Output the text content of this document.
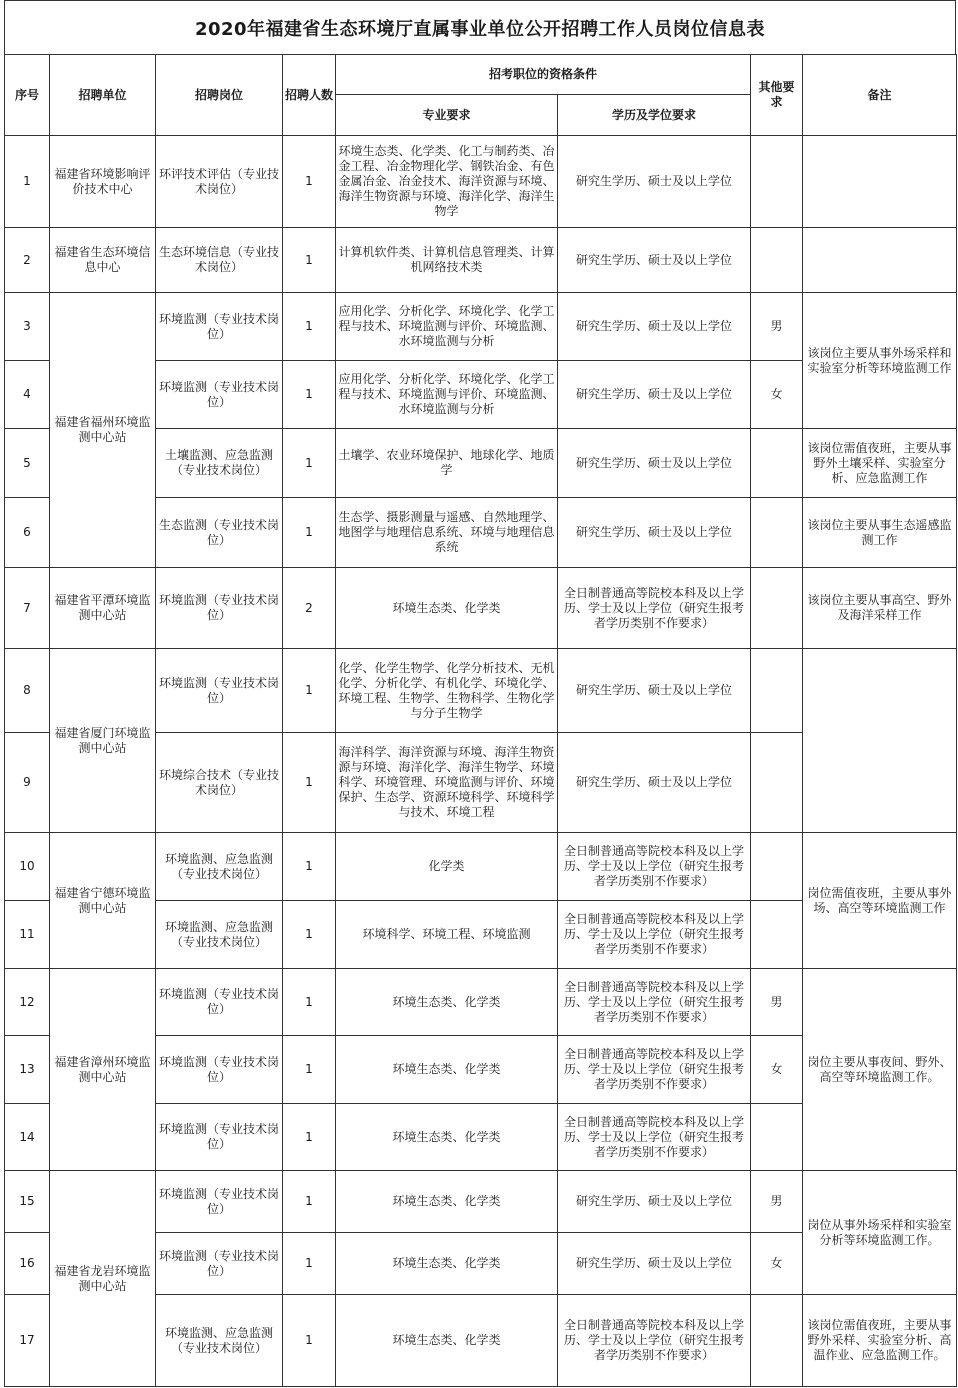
2020年福建省生态环境厅直属事业单位公开招聘工作人员岗位信息表
序号	招聘单位	招聘岗位	招聘人数	招考职位的资格条件		其他要求	备注
				专业要求	学历及学位要求		
1	福建省环境影响评价技术中心	环评技术评估（专业技术岗位）	1	环境生态类、化学类、化工与制药类、冶金工程、冶金物理化学、钢铁冶金、有色金属冶金、冶金技术、海洋资源与环境、海洋生物资源与环境、海洋化学、海洋生物学	研究生学历、硕士及以上学位		
2	福建省生态环境信息中心	生态环境信息（专业技术岗位）	1	计算机软件类、计算机信息管理类、计算机网络技术类	研究生学历、硕士及以上学位		
3	福建省福州环境监测中心站	环境监测（专业技术岗位）	1	应用化学、分析化学、环境化学、化学工程与技术、环境监测与评价、环境监测、水环境监测与分析	研究生学历、硕士及以上学位	男	该岗位主要从事外场采样和实验室分析等环境监测工作
4		环境监测（专业技术岗位）	1	应用化学、分析化学、环境化学、化学工程与技术、环境监测与评价、环境监测、水环境监测与分析	研究生学历、硕士及以上学位	女	
5		土壤监测、应急监测（专业技术岗位）	1	土壤学、农业环境保护、地球化学、地质学	研究生学历、硕士及以上学位		该岗位需值夜班，主要从事野外土壤采样、实验室分析、应急监测工作
6		生态监测（专业技术岗位）	1	生态学、摄影测量与遥感、自然地理学、地图学与地理信息系统、环境与地理信息系统	研究生学历、硕士及以上学位		该岗位主要从事生态遥感监测工作
7	福建省平潭环境监测中心站	环境监测（专业技术岗位）	2	环境生态类、化学类	全日制普通高等院校本科及以上学历、学士及以上学位（研究生报考者学历类别不作要求）		该岗位主要从事高空、野外及海洋采样工作
8	福建省厦门环境监测中心站	环境监测（专业技术岗位）	1	化学、化学生物学、化学分析技术、无机化学、分析化学、有机化学、环境化学、环境工程、生物学、生物科学、生物化学与分子生物学	研究生学历、硕士及以上学位		
9		环境综合技术（专业技术岗位）	1	海洋科学、海洋资源与环境、海洋生物资源与环境、海洋化学、海洋生物学、环境科学、环境管理、环境监测与评价、环境保护、生态学、资源环境科学、环境科学与技术、环境工程	研究生学历、硕士及以上学位		
10	福建省宁德环境监测中心站	环境监测、应急监测（专业技术岗位）	1	化学类	全日制普通高等院校本科及以上学历、学士及以上学位（研究生报考者学历类别不作要求）		岗位需值夜班，主要从事外场、高空等环境监测工作
11		环境监测、应急监测（专业技术岗位）	1	环境科学、环境工程、环境监测	全日制普通高等院校本科及以上学历、学士及以上学位（研究生报考者学历类别不作要求）		
12	福建省漳州环境监测中心站	环境监测（专业技术岗位）	1	环境生态类、化学类	全日制普通高等院校本科及以上学历、学士及以上学位（研究生报考者学历类别不作要求）	男	岗位主要从事夜间、野外、高空等环境监测工作。
13		环境监测（专业技术岗位）	1	环境生态类、化学类	全日制普通高等院校本科及以上学历、学士及以上学位（研究生报考者学历类别不作要求）	女	
14		环境监测（专业技术岗位）	1	环境生态类、化学类	全日制普通高等院校本科及以上学历、学士及以上学位（研究生报考者学历类别不作要求）		
15	福建省龙岩环境监测中心站	环境监测（专业技术岗位）	1	环境生态类、化学类	研究生学历、硕士及以上学位	男	岗位从事外场采样和实验室分析等环境监测工作。
16		环境监测（专业技术岗位）	1	环境生态类、化学类	研究生学历、硕士及以上学位	女	
17		环境监测、应急监测（专业技术岗位）	1	环境生态类、化学类	全日制普通高等院校本科及以上学历、学士及以上学位（研究生报考者学历类别不作要求）		该岗位需值夜班，主要从事野外采样、实验室分析、高温作业、应急监测工作。
